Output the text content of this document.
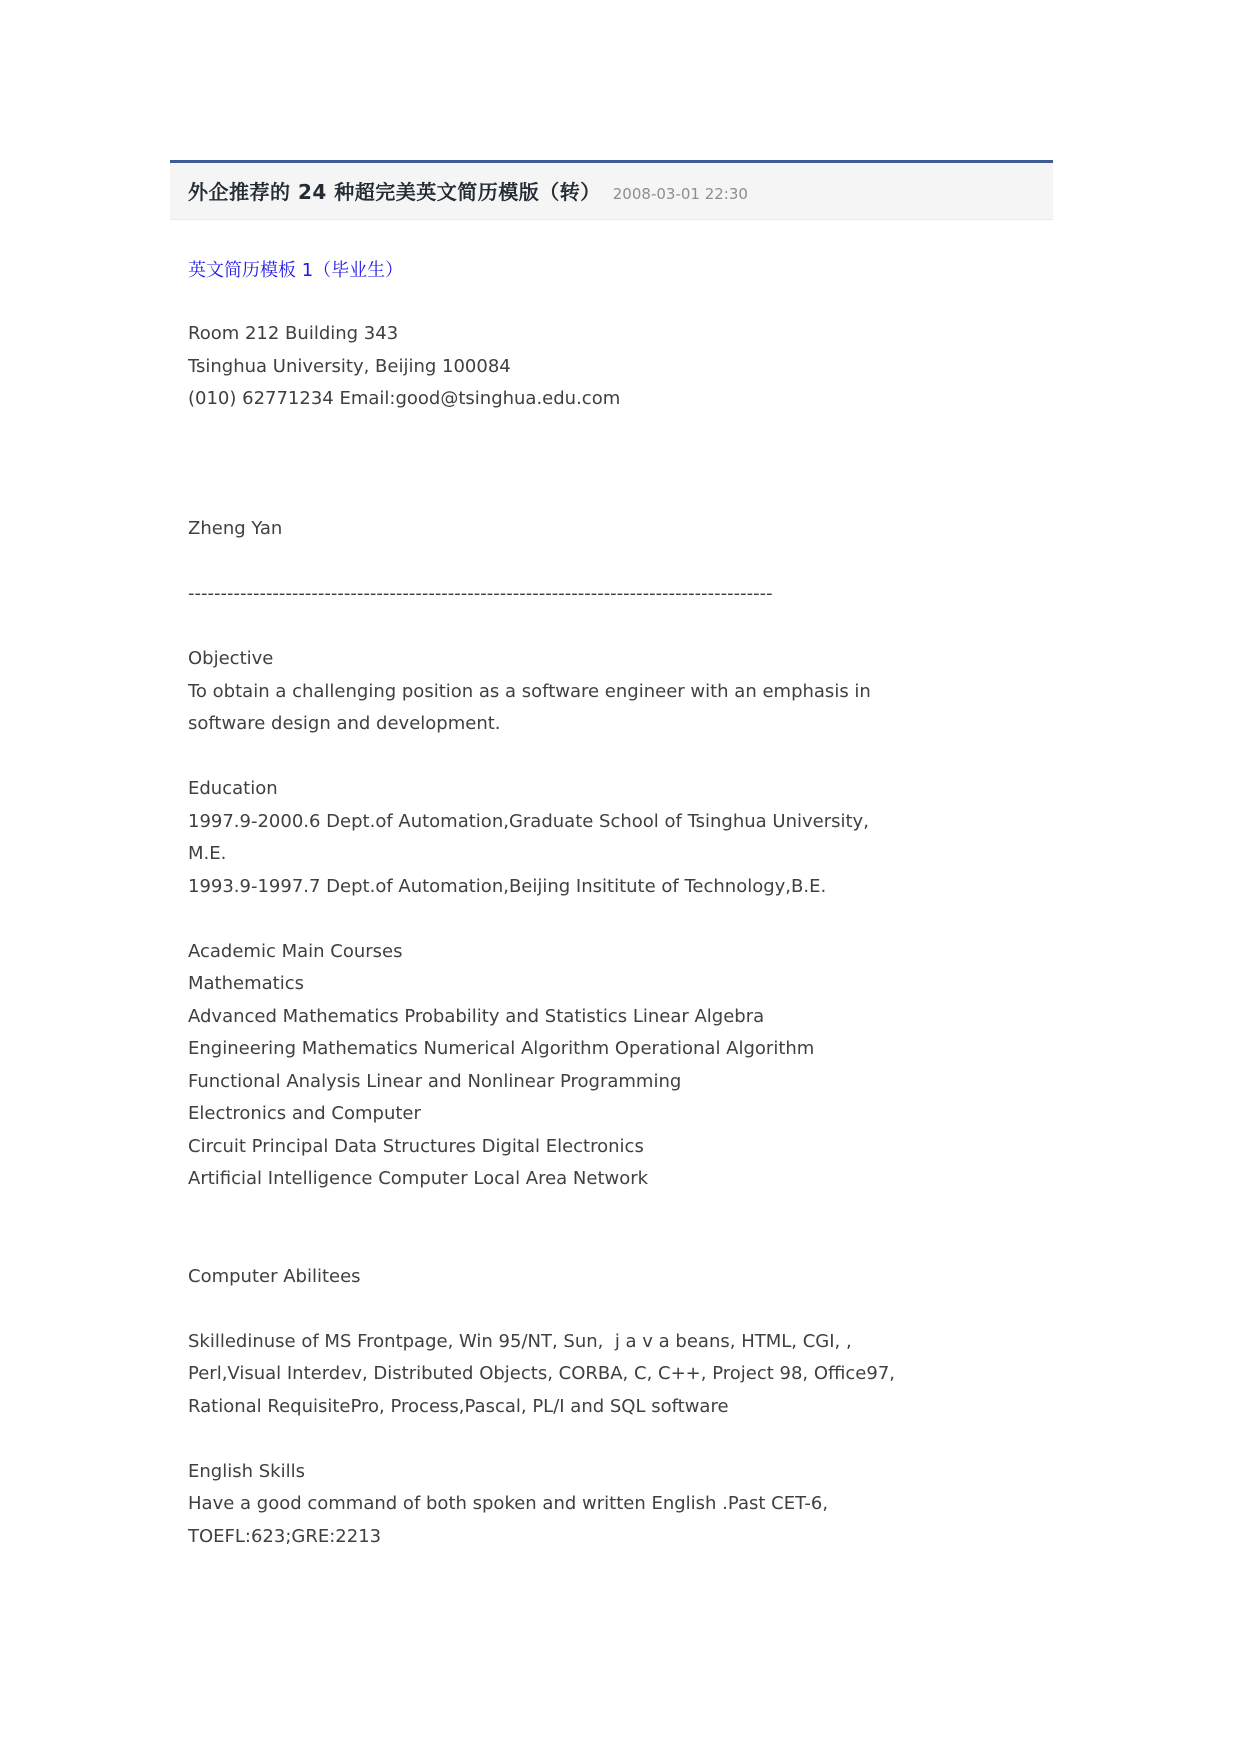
外企推荐的 24 种超完美英文简历模版（转） 2008-03-01 22:30
英文简历模板 1（毕业生）
Room 212 Building 343
Tsinghua University, Beijing 100084
(010) 62771234 Email:good@tsinghua.edu.com
Zheng Yan
------------------------------------------------------------------------------------------
Objective
To obtain a challenging position as a software engineer with an emphasis in
software design and development.
Education
1997.9-2000.6 Dept.of Automation,Graduate School of Tsinghua University,
M.E.
1993.9-1997.7 Dept.of Automation,Beijing Insititute of Technology,B.E.
Academic Main Courses
Mathematics
Advanced Mathematics Probability and Statistics Linear Algebra
Engineering Mathematics Numerical Algorithm Operational Algorithm
Functional Analysis Linear and Nonlinear Programming
Electronics and Computer
Circuit Principal Data Structures Digital Electronics
Artificial Intelligence Computer Local Area Network
Computer Abilitees
Skilledinuse of MS Frontpage, Win 95/NT, Sun,  j a v a beans, HTML, CGI, ,
Perl,Visual Interdev, Distributed Objects, CORBA, C, C++, Project 98, Office97,
Rational RequisitePro, Process,Pascal, PL/I and SQL software
English Skills
Have a good command of both spoken and written English .Past CET-6,
TOEFL:623;GRE:2213
